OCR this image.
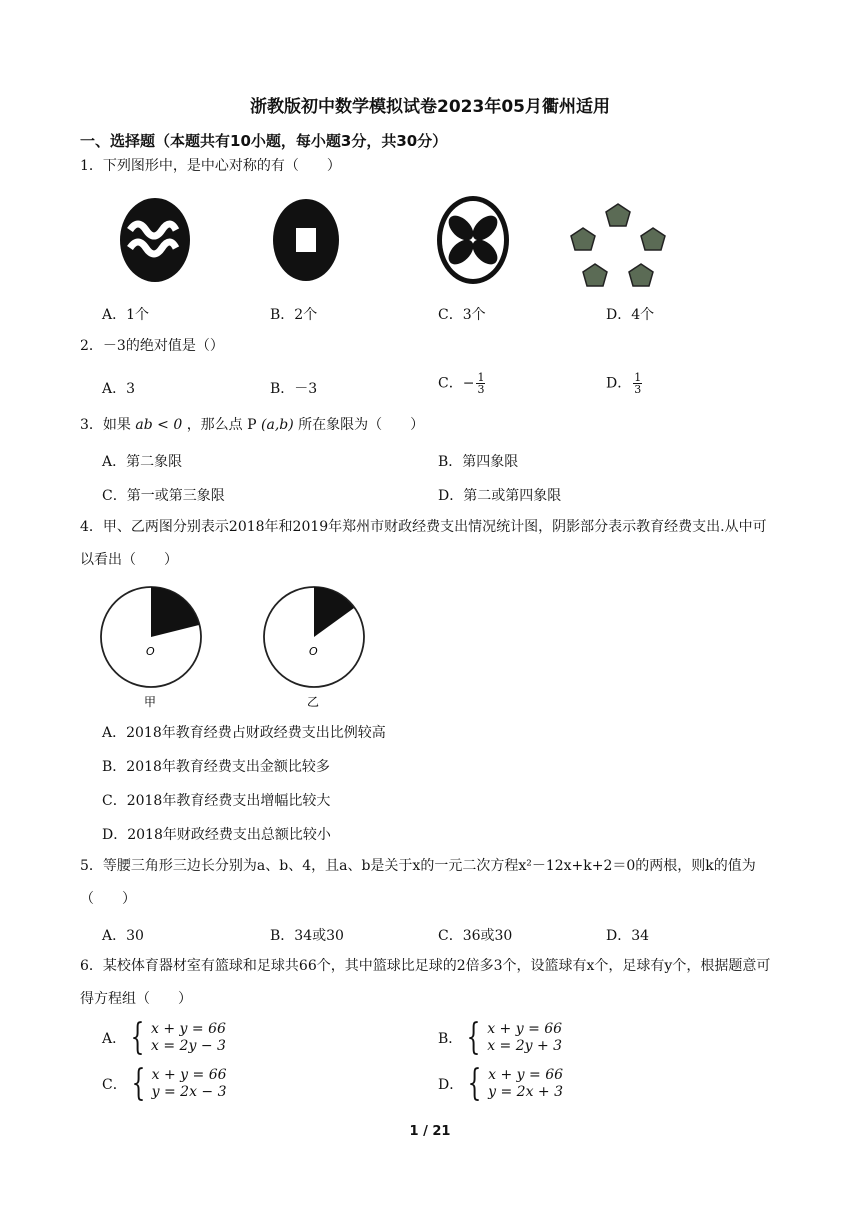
浙教版初中数学模拟试卷2023年05月衢州适用
一、选择题（本题共有10小题，每小题3分，共30分）
1．下列图形中，是中心对称的有（　　）
A．1个	B．2个	C．3个	D．4个
2．－3的绝对值是（）
A．3	B．－3	C．− $\frac{1}{3}$	D． $\frac{1}{3}$
3．如果 ab < 0 ，那么点 P (a,b) 所在象限为（　　）
A．第二象限	B．第四象限
C．第一或第三象限	D．第二或第四象限
4．甲、乙两图分别表示2018年和2019年郑州市财政经费支出情况统计图，阴影部分表示教育经费支出.从中可以看出（　　）
O
甲
O
乙
A．2018年教育经费占财政经费支出比例较高
B．2018年教育经费支出金额比较多
C．2018年教育经费支出增幅比较大
D．2018年财政经费支出总额比较小
5．等腰三角形三边长分别为a、b、4，且a、b是关于x的一元二次方程x²－12x+k+2＝0的两根，则k的值为（　　）
A．30	B．34或30	C．36或30	D．34
6．某校体育器材室有篮球和足球共66个，其中篮球比足球的2倍多3个，设篮球有x个，足球有y个，根据题意可得方程组（　　）
A． { x + y = 66
x = 2y − 3	B． { x + y = 66
x = 2y + 3
C． { x + y = 66
y = 2x − 3	D． { x + y = 66
y = 2x + 3
1 / 21
